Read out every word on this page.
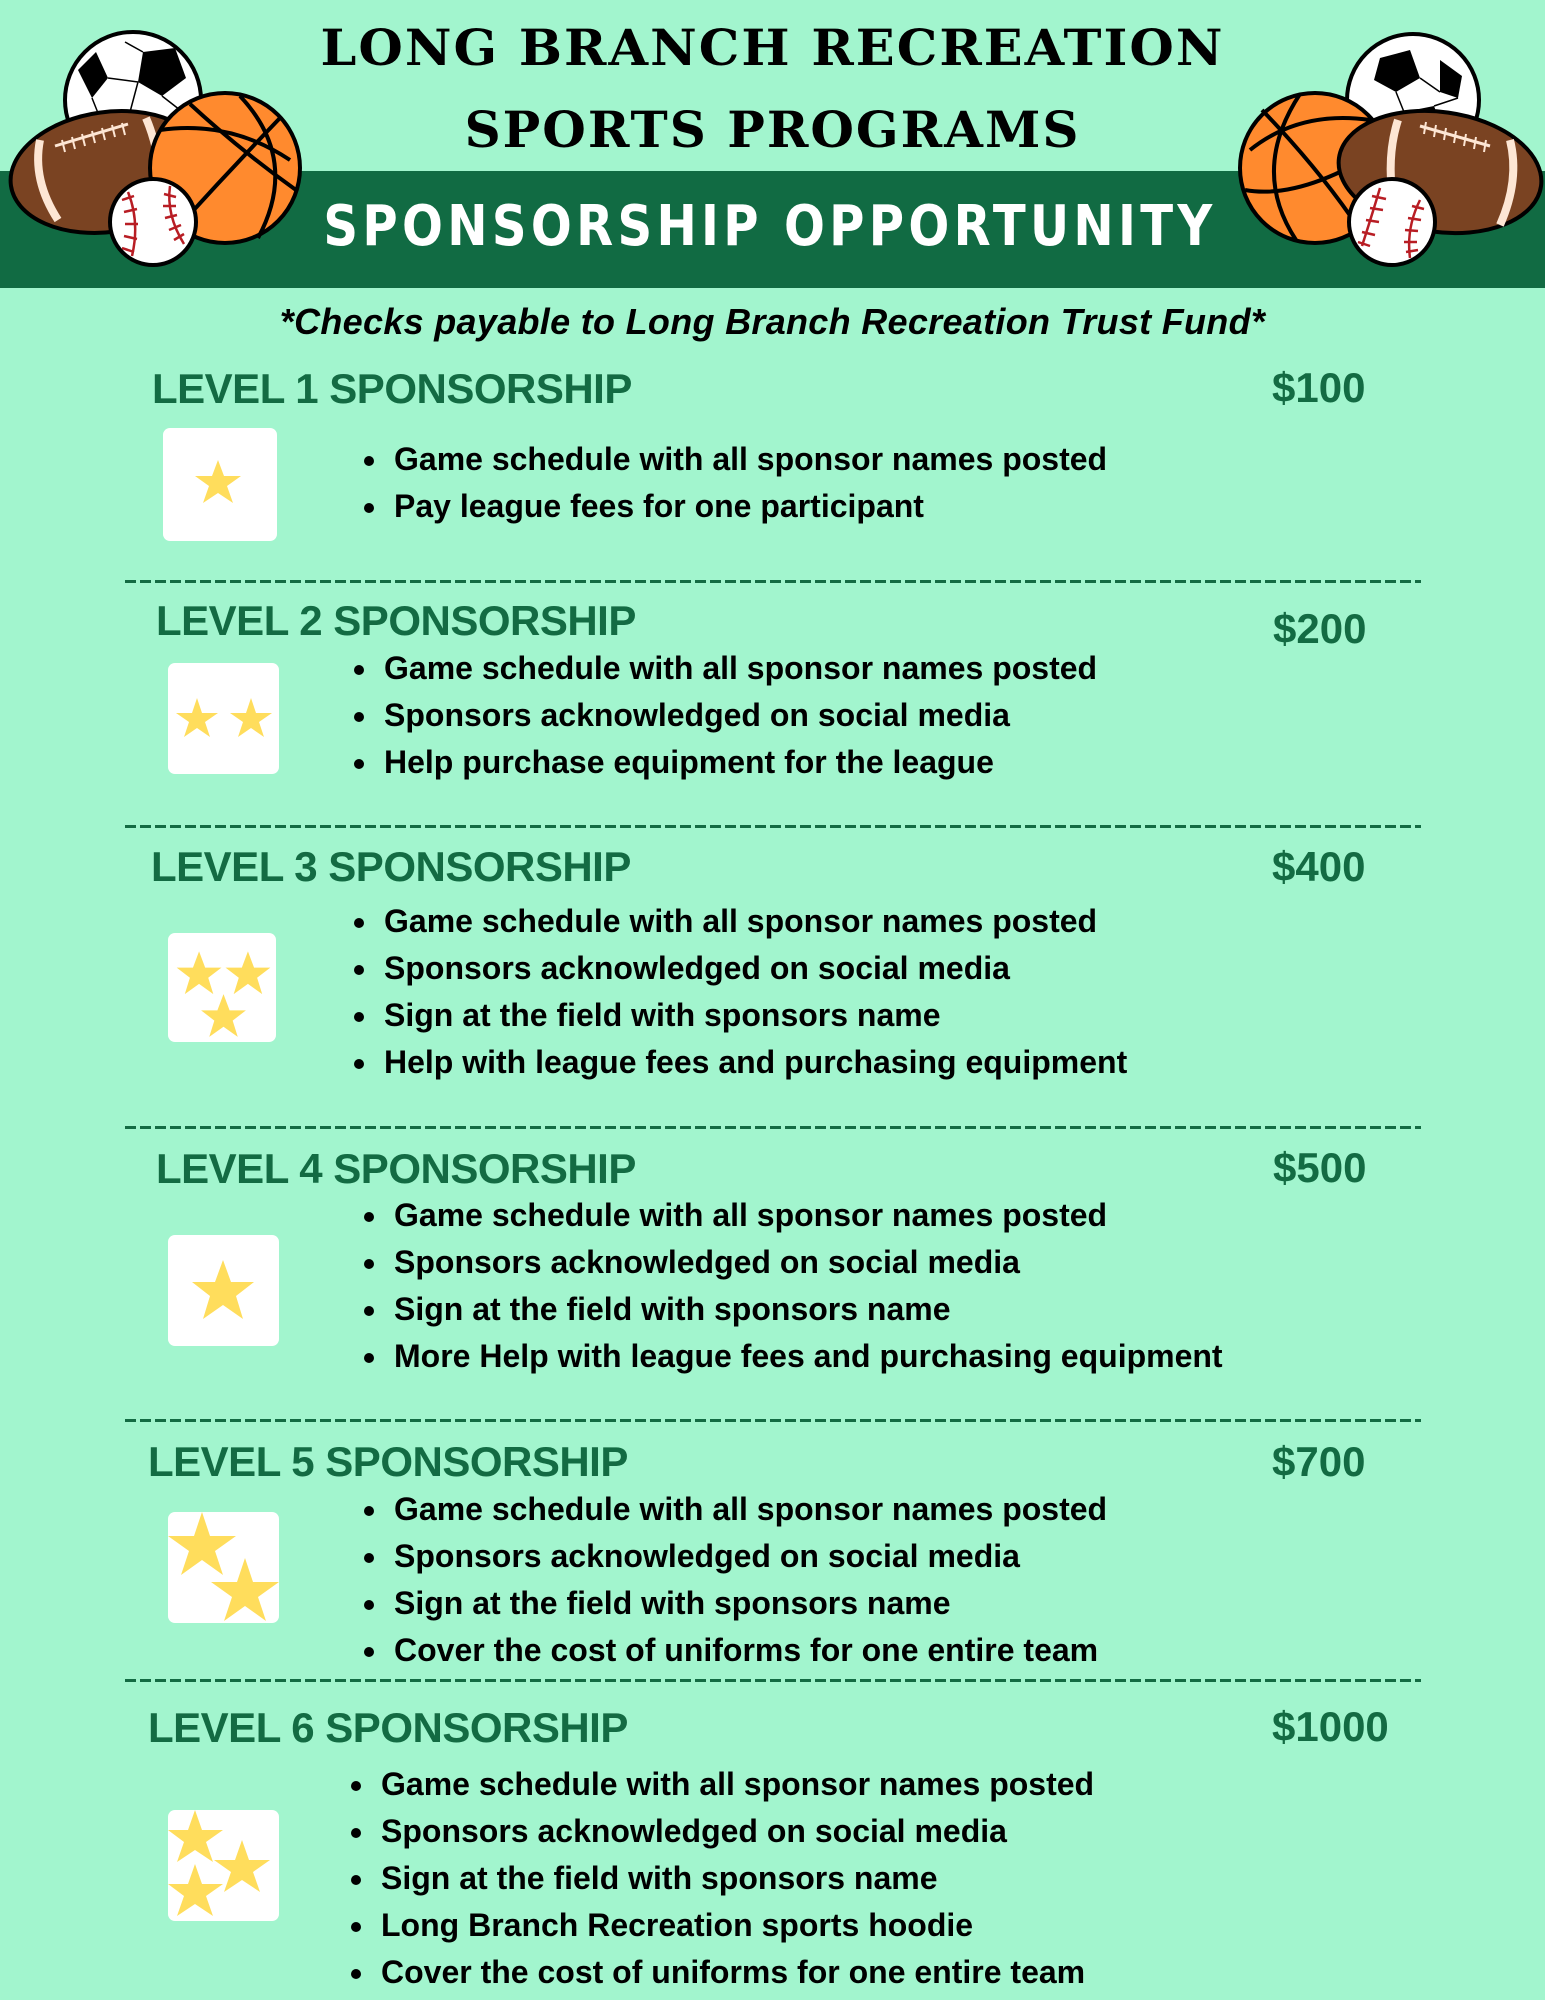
LONG BRANCH RECREATION
SPORTS PROGRAMS
SPONSORSHIP OPPORTUNITY
*Checks payable to Long Branch Recreation Trust Fund*
LEVEL 1 SPONSORSHIP	$100
Game schedule with all sponsor names posted
Pay league fees for one participant
LEVEL 2 SPONSORSHIP	$200
Game schedule with all sponsor names posted
Sponsors acknowledged on social media
Help purchase equipment for the league
LEVEL 3 SPONSORSHIP	$400
Game schedule with all sponsor names posted
Sponsors acknowledged on social media
Sign at the field with sponsors name
Help with league fees and purchasing equipment
LEVEL 4 SPONSORSHIP	$500
Game schedule with all sponsor names posted
Sponsors acknowledged on social media
Sign at the field with sponsors name
More Help with league fees and purchasing equipment
LEVEL 5 SPONSORSHIP	$700
Game schedule with all sponsor names posted
Sponsors acknowledged on social media
Sign at the field with sponsors name
Cover the cost of uniforms for one entire team
LEVEL 6 SPONSORSHIP	$1000
Game schedule with all sponsor names posted
Sponsors acknowledged on social media
Sign at the field with sponsors name
Long Branch Recreation sports hoodie
Cover the cost of uniforms for one entire team
